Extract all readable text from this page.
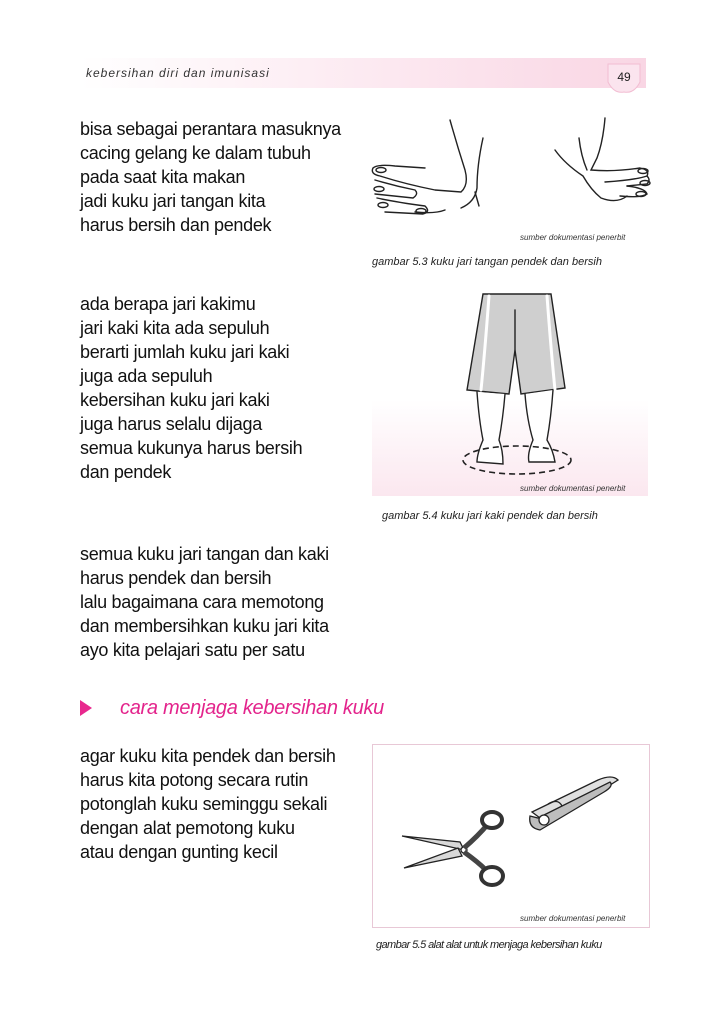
kebersihan diri dan imunisasi	49
bisa sebagai perantara masuknya
cacing gelang ke dalam tubuh
pada saat kita makan
jadi kuku jari tangan kita
harus bersih dan pendek
sumber dokumentasi penerbit
gambar 5.3 kuku jari tangan pendek dan bersih
ada berapa jari kakimu
jari kaki kita ada sepuluh
berarti jumlah kuku jari kaki
juga ada sepuluh
kebersihan kuku jari kaki
juga harus selalu dijaga
semua kukunya harus bersih
dan pendek
sumber dokumentasi penerbit
gambar 5.4 kuku jari kaki pendek dan bersih
semua kuku jari tangan dan kaki
harus pendek dan bersih
lalu bagaimana cara memotong
dan membersihkan kuku jari kita
ayo kita pelajari satu per satu
cara menjaga kebersihan kuku
agar kuku kita pendek dan bersih
harus kita potong secara rutin
potonglah kuku seminggu sekali
dengan alat pemotong kuku
atau dengan gunting kecil
sumber dokumentasi penerbit
gambar 5.5 alat alat untuk menjaga kebersihan kuku
